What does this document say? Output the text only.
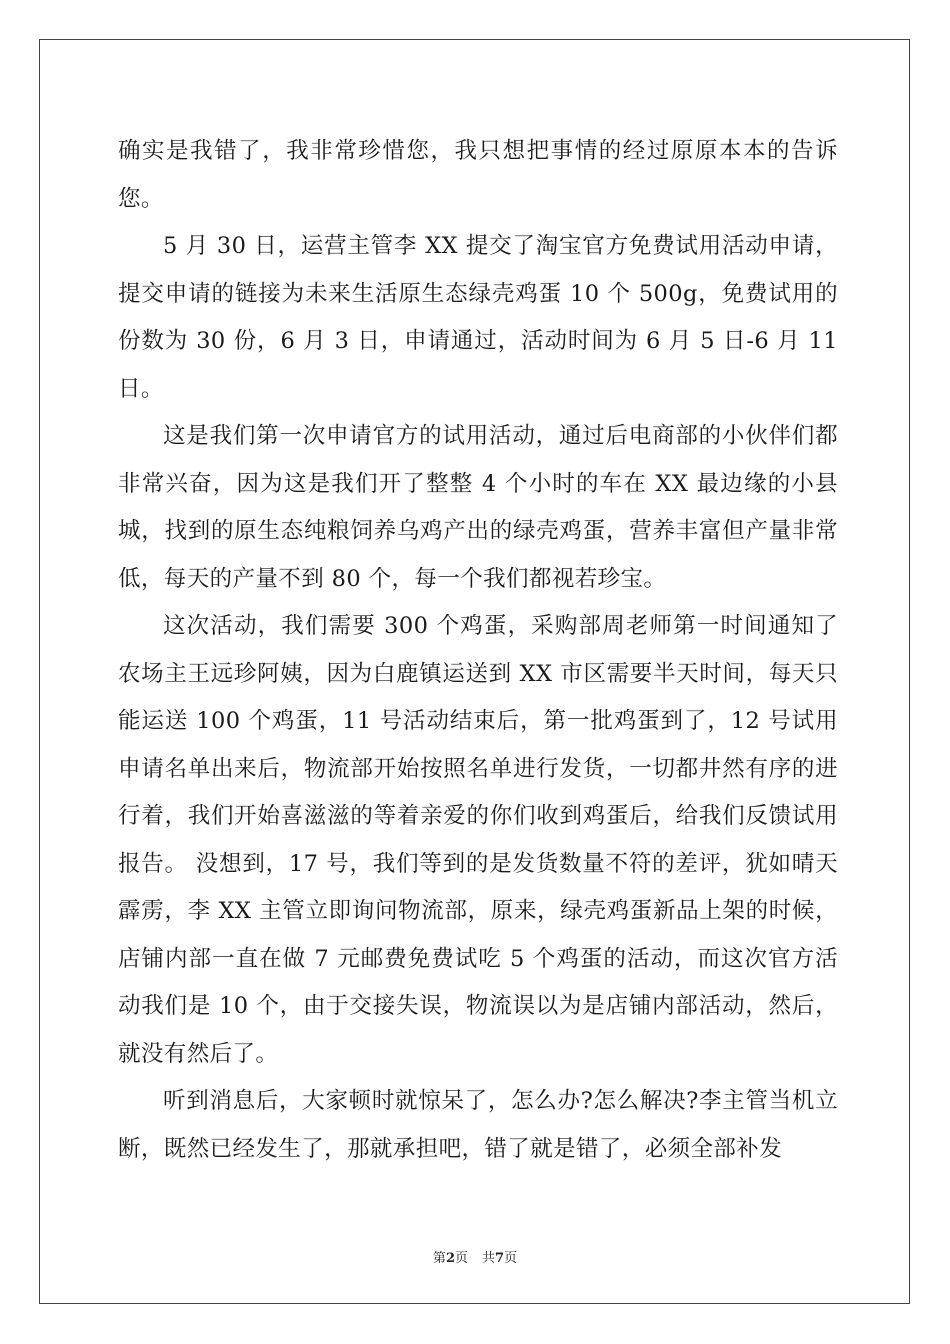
确实是我错了，我非常珍惜您，我只想把事情的经过原原本本的告诉您。

5 月 30 日，运营主管李 XX 提交了淘宝官方免费试用活动申请，提交申请的链接为未来生活原生态绿壳鸡蛋 10 个 500g，免费试用的份数为 30 份，6 月 3 日，申请通过，活动时间为 6 月 5 日-6 月 11 日。

这是我们第一次申请官方的试用活动，通过后电商部的小伙伴们都非常兴奋，因为这是我们开了整整 4 个小时的车在 XX 最边缘的小县城，找到的原生态纯粮饲养乌鸡产出的绿壳鸡蛋，营养丰富但产量非常低，每天的产量不到 80 个，每一个我们都视若珍宝。

这次活动，我们需要 300 个鸡蛋，采购部周老师第一时间通知了农场主王远珍阿姨，因为白鹿镇运送到 XX 市区需要半天时间，每天只能运送 100 个鸡蛋，11 号活动结束后，第一批鸡蛋到了，12 号试用申请名单出来后，物流部开始按照名单进行发货，一切都井然有序的进行着，我们开始喜滋滋的等着亲爱的你们收到鸡蛋后，给我们反馈试用报告。 没想到，17 号，我们等到的是发货数量不符的差评，犹如晴天霹雳，李 XX 主管立即询问物流部，原来，绿壳鸡蛋新品上架的时候，店铺内部一直在做 7 元邮费免费试吃 5 个鸡蛋的活动，而这次官方活动我们是 10 个，由于交接失误，物流误以为是店铺内部活动，然后，就没有然后了。

听到消息后，大家顿时就惊呆了，怎么办?怎么解决?李主管当机立断，既然已经发生了，那就承担吧，错了就是错了，必须全部补发

第2页 共7页
